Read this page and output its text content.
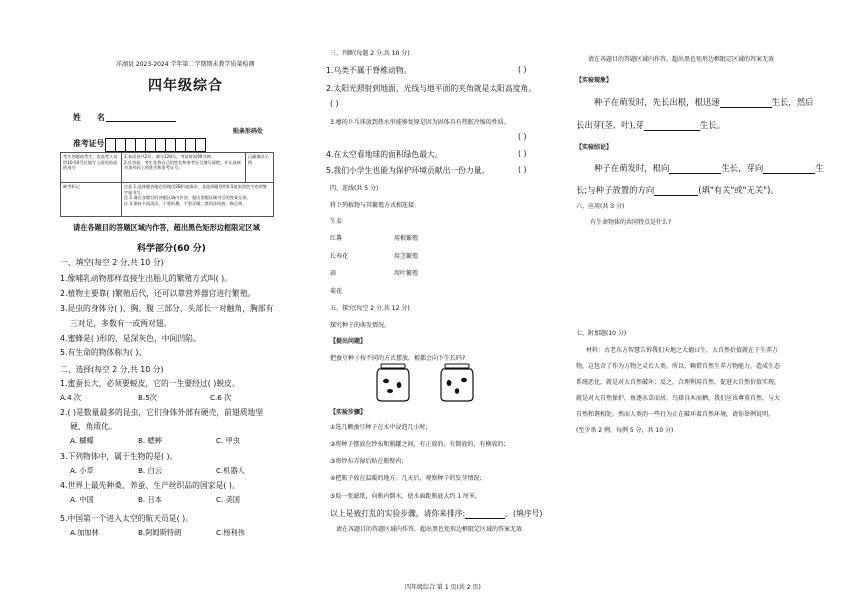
洋湖县 2023-2024 学年第二学期期末教学质量检测
四年级综合
姓 名
准考证号
贴条形码处
考生答题前考生，由监考人员给10-50号后填写上面的前面的部分	1.本试卷共2页，满分120分。考试时间90分钟。
2.作答前，考生先将自己的姓名和准考证号填写清楚，并认真核对条形码上的姓名和准考证号。	正确填涂示例
缺考标记	注意 1.选择题答题必须使用2B铅笔填涂，非选择题须用0.5毫米黑色字迹的签字笔书写。
注 2.请在各题目的答题区域内作答，超出答题区域书写的答案无效。
注 3.保持卡面清洁，不要折叠、不要弄破，禁用涂改液、修正带。	
请在各题目的答题区域内作答，超出黑色矩形边框限定区域
科学部分(60 分)
一、填空(每空 2 分,共 10 分)
1.像哺乳动物那样直接生出胎儿的繁殖方式叫( )。
2.植物主要靠( )繁殖后代，还可以靠营养器官进行繁殖。
3.昆虫的身体分( )、胸、腹 三部分，头部长一对触角，胸部有
三对足，多数有一或两对翅。
4.蜜蜂是( )形的，是深灰色，中间凹陷。
5.有生命的物体称为( )。
二、选择(每空 2 分,共 10 分)
1.蜜蚕长大，必须要蜕皮，它的一生要经过( )蜕皮。
A.4 次	B.5次	C.6 次
2.( )是数量最多的昆虫，它们身体外部有硬壳，前翅质地坚
硬、角质化。
A. 蝴蝶	B. 蟋蟀	C. 甲虫
3.下列物体中，属于生物的是( )。
A. 小草	B. 白云	C.机器人
4.世界上最先种桑、养蚕、生产丝织品的国家是( )。
A. 中国	B. 日本	C. 美国
5.中国第一个进入太空的航天员是( )。
A.加加林	B.阿姆斯特朗	C.杨利伟
三、判断(每题 2 分,共 10 分)
1.乌类不属于脊椎动物。	( )
2.太阳光照射到地面，光线与地平面的夹角就是太阳高度角。
( )
3.瘪的乒乓球放到热水里能够复原是因为固体具有热胀冷缩的性质。
( )
4.在太空看地球的面积绿色最大。	( )
5.我们小学生也能为保护环境贡献出一份力量。	( )
四、连线(共 5 分)
将下列植物与其繁殖方式相连接:
生姜
红薯	用根繁殖
长寿花	用茎繁殖
蒜	用叶繁殖
菊花
五、探究(每空 2 分,共 12 分)
探究种子的萌发情况。
【提出问题】
把蚕豆种子按不同的方式摆放，根都会向下生长吗?
【实验步骤】
①选几颗蚕豆种子在水中浸泡几小时;
②将种子摆放在纱布和瓶罐之间，有正放的，有倒放的，有横放的;
③将纱布弄湿后贴在瓶壁内;
④把瓶子放在温暖的地方。几天后，观察种子的发芽情况;
⑤取一张滤纸，向瓶内倒水，使水面距瓶底大约 1 厘米。
以上是被打乱的实验步骤，请你来排序:	。(填序号)
请在各题目的答题区域内作答，超出黑色矩形边框限定区域的答案无效
四年级综合 第 1 页(共 2 页)
请在各题目的答题区域内作答，超出黑色矩形边框限定区域的答案无效
【实验现象】
种子在萌发时，先长出根，根迅速	生长，然后
长出芽(茎、叶),芽	生长。
【实验结论】
种子在萌发时，根向	生长，芽向	生
长;与种子放置的方向	(填"有关"或"无关")。
六、应用(共 3 分)
有生命物体的共同特点是什么?
七、附加题(10 分)
材料：古老东方智慧告诉我们天地之大德曰生，大自然价值就在于生养万
物，这包含了作为万物之灵长人类。所以，赖借自然生养万物能力，造成生态
系统恶化，就是对大自然破坏；反之，合理利用自然，促进大自然价值实现，
就是对大自然保护。鱼逐水草而居，鸟择良木而栖，我们应该尊重自然，与大
自然和谐相处。然而人类的一些行为正在破坏着自然环境，请你举例说明。
(至少举 2 例，每例 5 分，共 10 分)
